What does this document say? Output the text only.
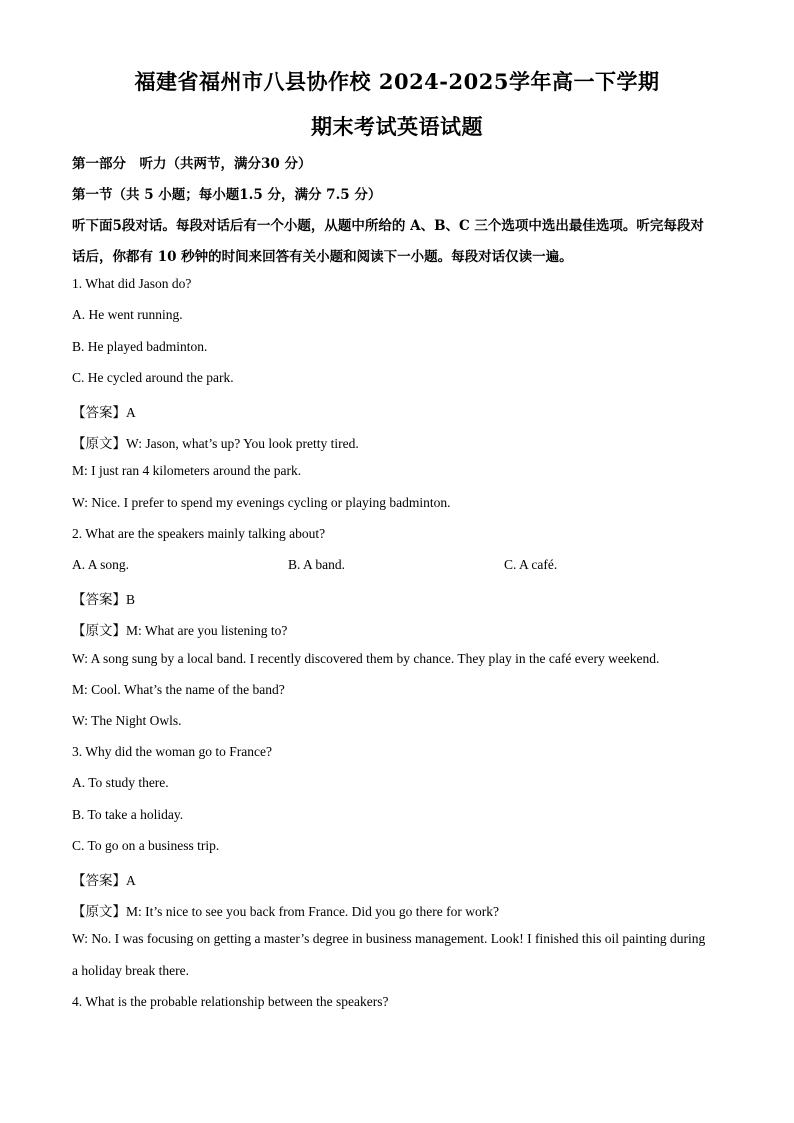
福建省福州市八县协作校 2024-2025学年高一下学期
期末考试英语试题
第一部分　听力（共两节，满分30 分）
第一节（共 5 小题；每小题1.5 分，满分 7.5 分）
听下面5段对话。每段对话后有一个小题，从题中所给的 A、B、C 三个选项中选出最佳选项。听完每段对
话后，你都有 10 秒钟的时间来回答有关小题和阅读下一小题。每段对话仅读一遍。
1. What did Jason do?
A. He went running.
B. He played badminton.
C. He cycled around the park.
【答案】A
【原文】W: Jason, what’s up? You look pretty tired.
M: I just ran 4 kilometers around the park.
W: Nice. I prefer to spend my evenings cycling or playing badminton.
2. What are the speakers mainly talking about?
A. A song.	B. A band.	C. A café.
【答案】B
【原文】M: What are you listening to?
W: A song sung by a local band. I recently discovered them by chance. They play in the café every weekend.
M: Cool. What’s the name of the band?
W: The Night Owls.
3. Why did the woman go to France?
A. To study there.
B. To take a holiday.
C. To go on a business trip.
【答案】A
【原文】M: It’s nice to see you back from France. Did you go there for work?
W: No. I was focusing on getting a master’s degree in business management. Look! I finished this oil painting during
a holiday break there.
4. What is the probable relationship between the speakers?
